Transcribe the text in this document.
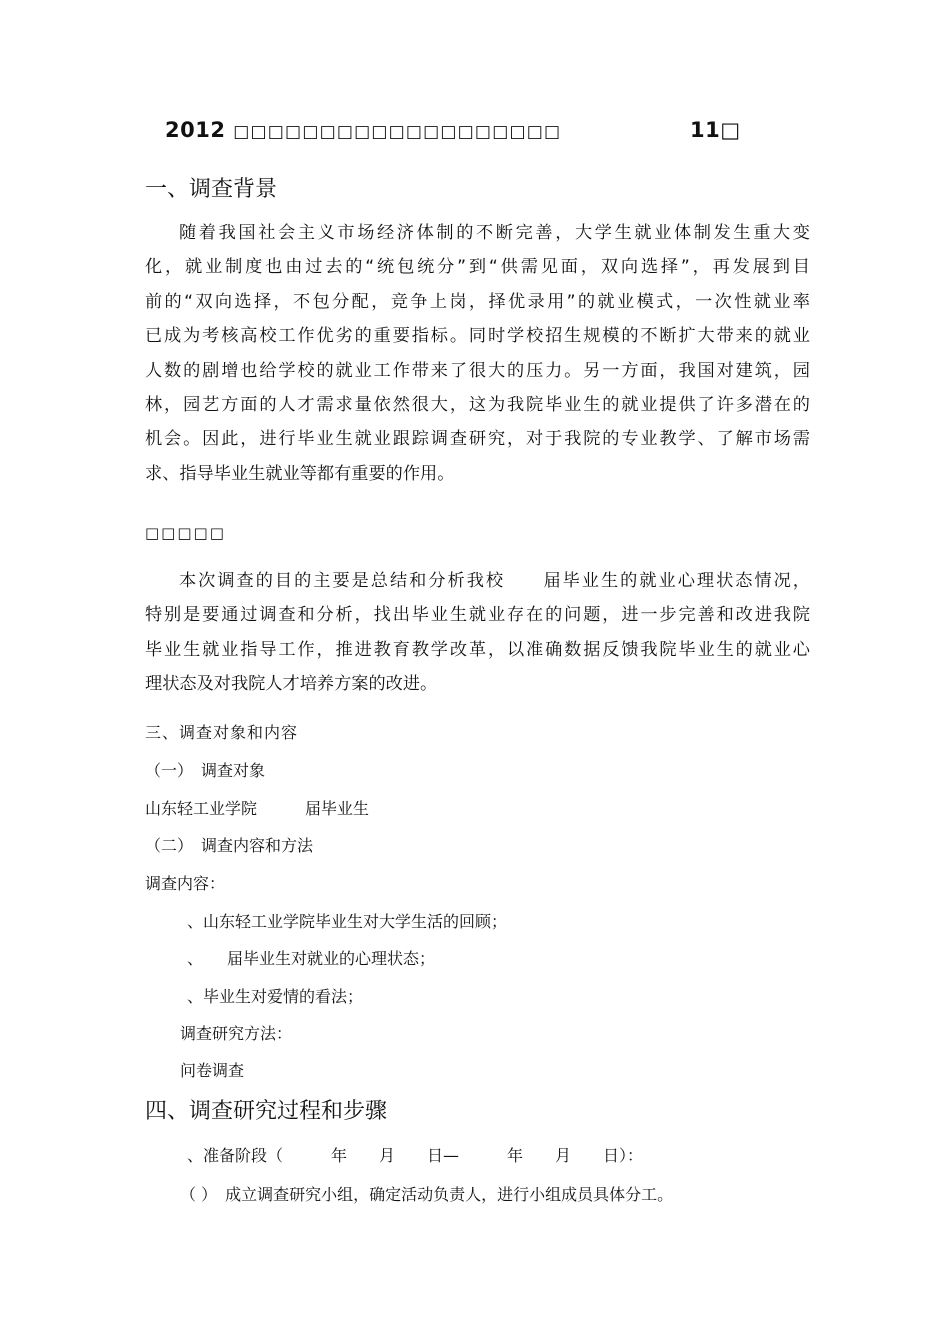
2012 □□□□□□□□□□□□□□□□□□□	11□
一、调查背景
随着我国社会主义市场经济体制的不断完善，大学生就业体制发生重大变
化，就业制度也由过去的“统包统分”到“供需见面，双向选择”，再发展到目
前的“双向选择，不包分配，竞争上岗，择优录用”的就业模式，一次性就业率
已成为考核高校工作优劣的重要指标。同时学校招生规模的不断扩大带来的就业
人数的剧增也给学校的就业工作带来了很大的压力。另一方面，我国对建筑，园
林，园艺方面的人才需求量依然很大，这为我院毕业生的就业提供了许多潜在的
机会。因此，进行毕业生就业跟踪调查研究，对于我院的专业教学、了解市场需
求、指导毕业生就业等都有重要的作用。
□□□□□
本次调查的目的主要是总结和分析我校　　届毕业生的就业心理状态情况，
特别是要通过调查和分析，找出毕业生就业存在的问题，进一步完善和改进我院
毕业生就业指导工作，推进教育教学改革，以准确数据反馈我院毕业生的就业心
理状态及对我院人才培养方案的改进。
三、调查对象和内容
（一）　调查对象
山东轻工业学院　　　届毕业生
（二）　调查内容和方法
调查内容：
、山东轻工业学院毕业生对大学生活的回顾；
、　　届毕业生对就业的心理状态；
、毕业生对爱情的看法；
调查研究方法：
问卷调查
四、调查研究过程和步骤
、准备阶段（　　　年　　月　　日—　　　年　　月　　日）：
（ ）　成立调查研究小组，确定活动负责人，进行小组成员具体分工。
